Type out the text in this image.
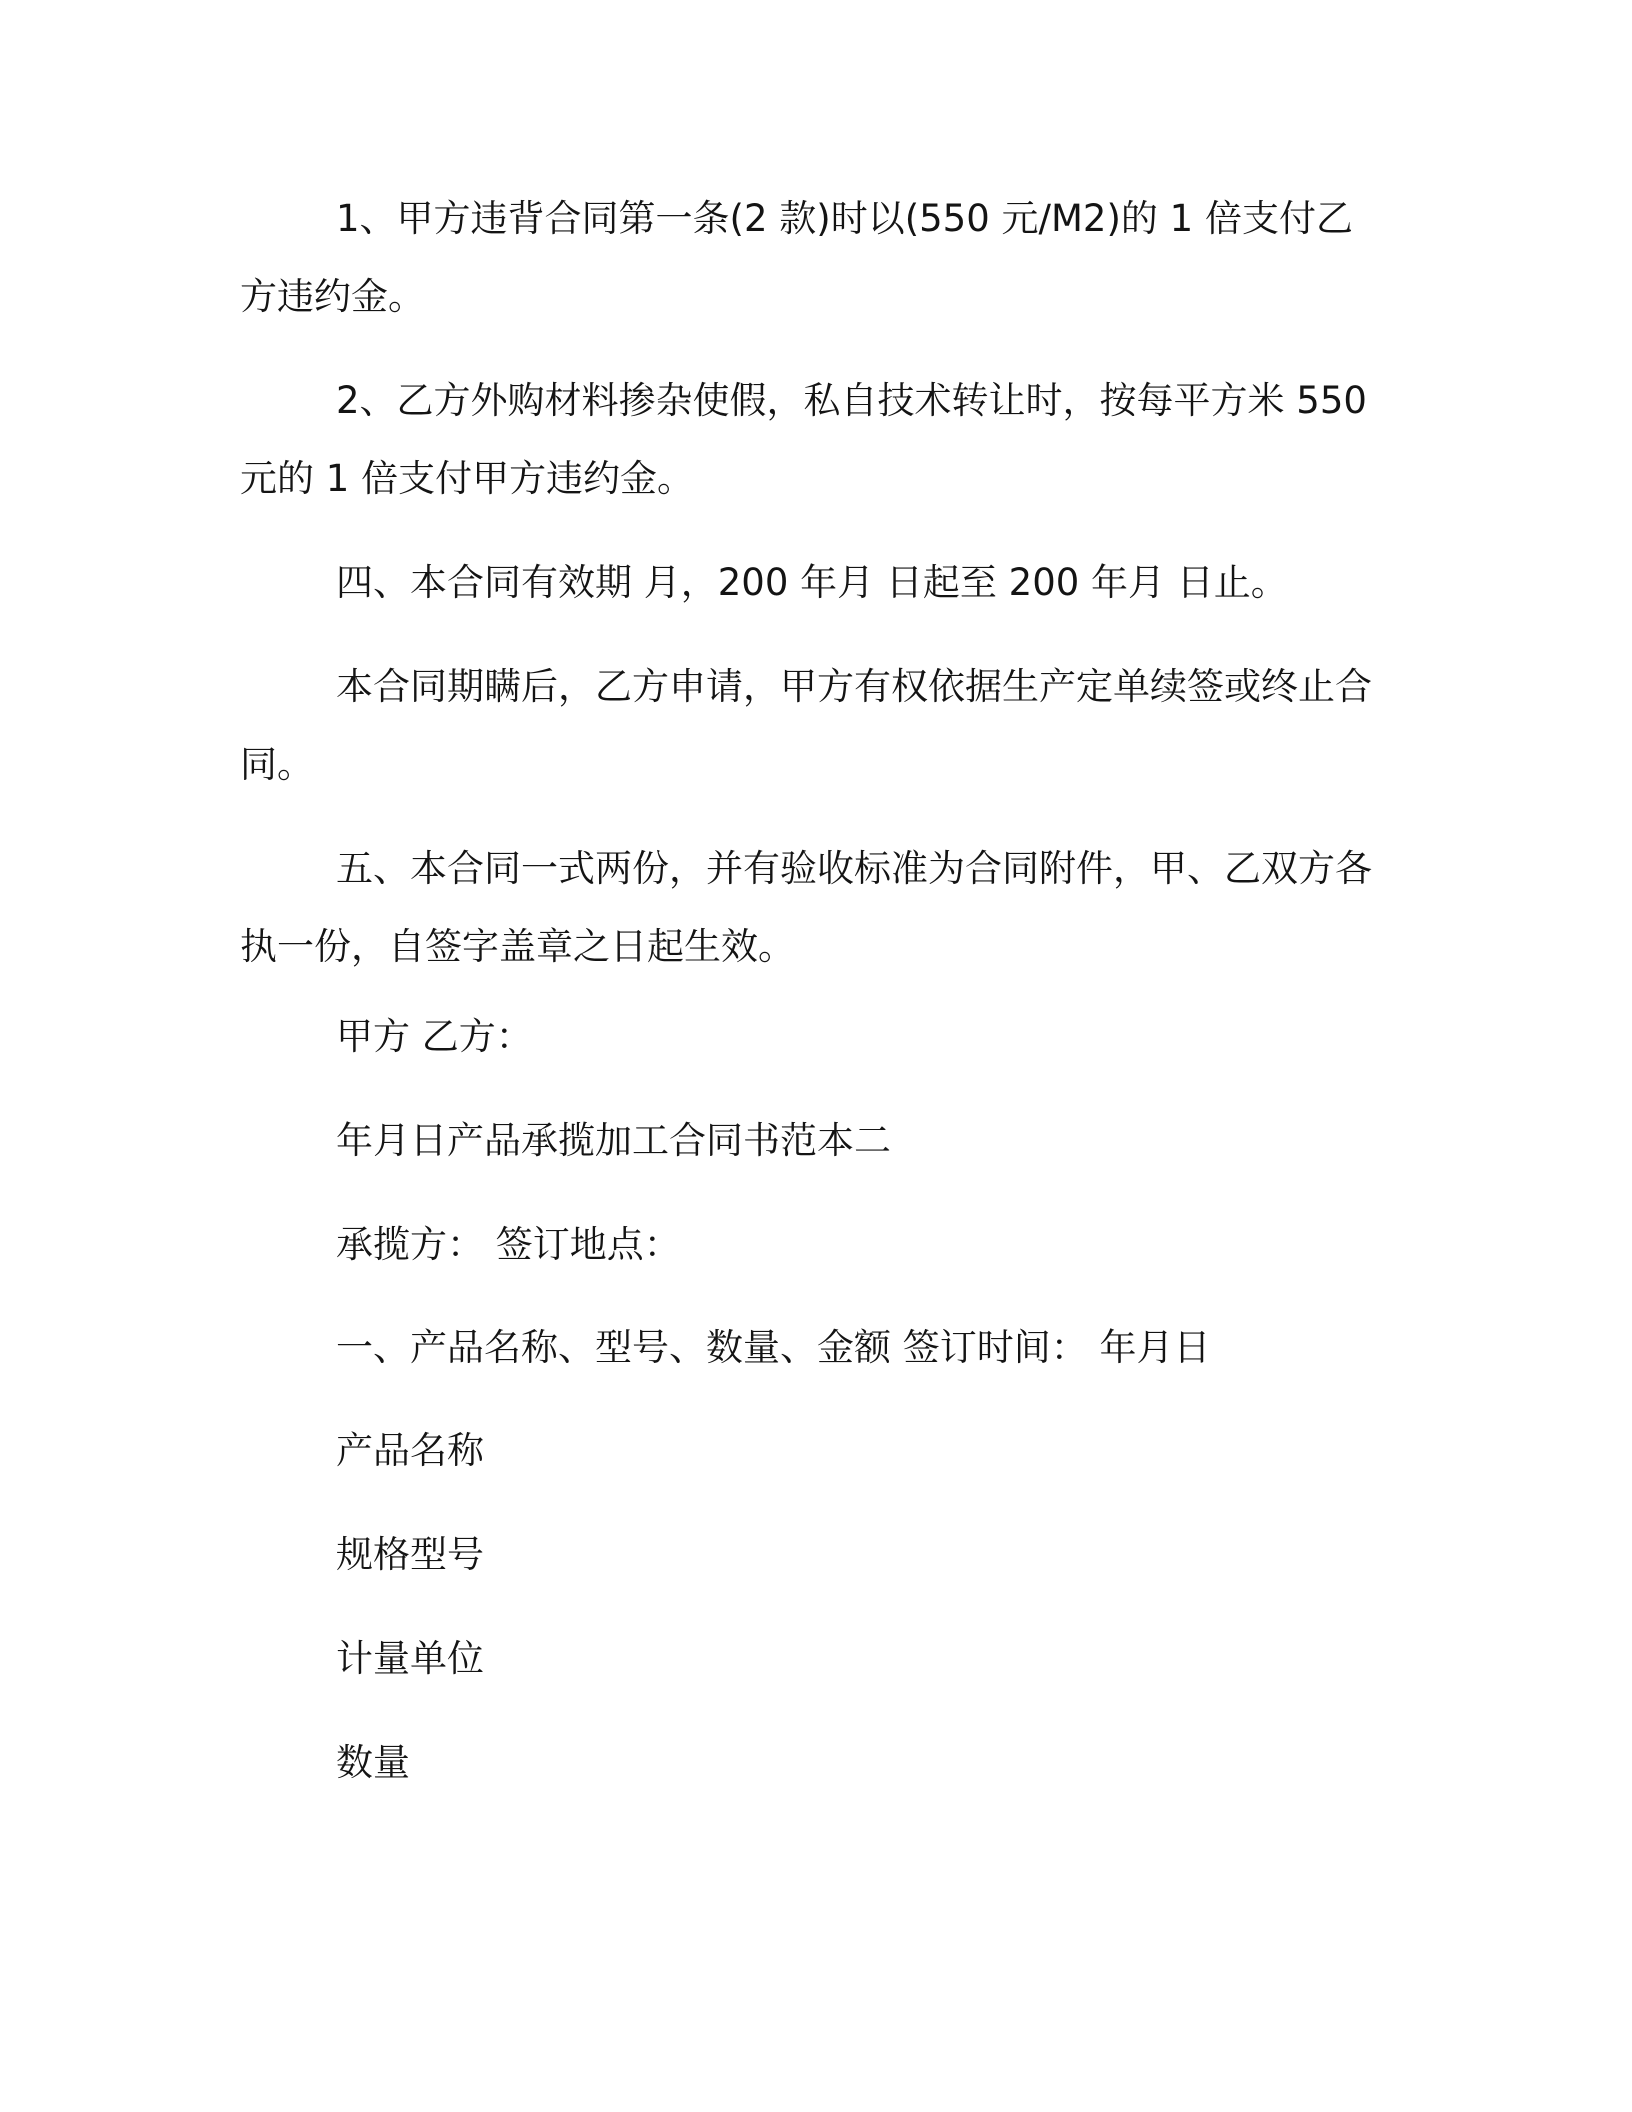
1、甲方违背合同第一条(2 款)时以(550 元/M2)的 1 倍支付乙方违约金。

2、乙方外购材料掺杂使假，私自技术转让时，按每平方米 550 元的 1 倍支付甲方违约金。

四、本合同有效期 月，200 年月 日起至 200 年月 日止。

本合同期瞒后，乙方申请，甲方有权依据生产定单续签或终止合同。

五、本合同一式两份，并有验收标准为合同附件，甲、乙双方各执一份，自签字盖章之日起生效。

甲方 乙方：

年月日产品承揽加工合同书范本二

承揽方： 签订地点：

一、产品名称、型号、数量、金额 签订时间： 年月日

产品名称

规格型号

计量单位

数量
